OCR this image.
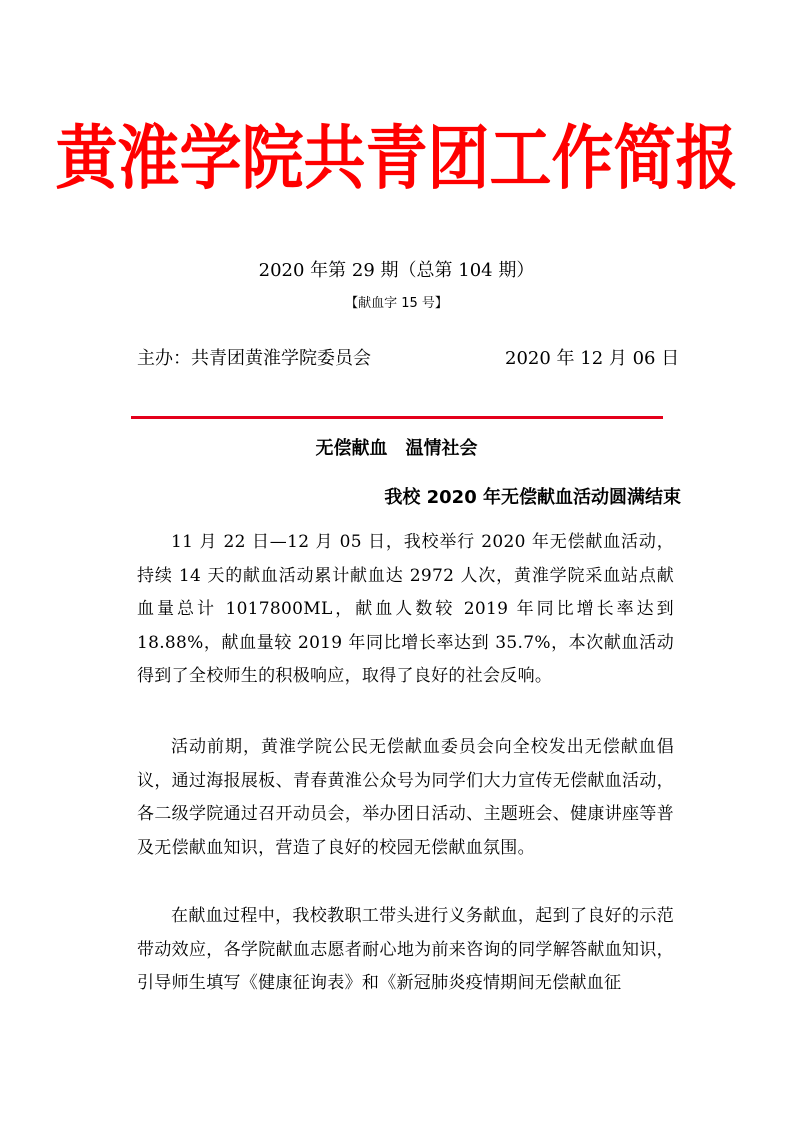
黄淮学院共青团工作简报
2020 年第 29 期（总第 104 期）
【献血字 15 号】
主办：共青团黄淮学院委员会	2020 年 12 月 06 日
无偿献血　温情社会
我校 2020 年无偿献血活动圆满结束

11 月 22 日—12 月 05 日，我校举行 2020 年无偿献血活动，持续 14 天的献血活动累计献血达 2972 人次，黄淮学院采血站点献血量总计 1017800ML，献血人数较 2019 年同比增长率达到 18.88%，献血量较 2019 年同比增长率达到 35.7%，本次献血活动得到了全校师生的积极响应，取得了良好的社会反响。

活动前期，黄淮学院公民无偿献血委员会向全校发出无偿献血倡议，通过海报展板、青春黄淮公众号为同学们大力宣传无偿献血活动，各二级学院通过召开动员会，举办团日活动、主题班会、健康讲座等普及无偿献血知识，营造了良好的校园无偿献血氛围。

在献血过程中，我校教职工带头进行义务献血，起到了良好的示范带动效应，各学院献血志愿者耐心地为前来咨询的同学解答献血知识，引导师生填写《健康征询表》和《新冠肺炎疫情期间无偿献血征
